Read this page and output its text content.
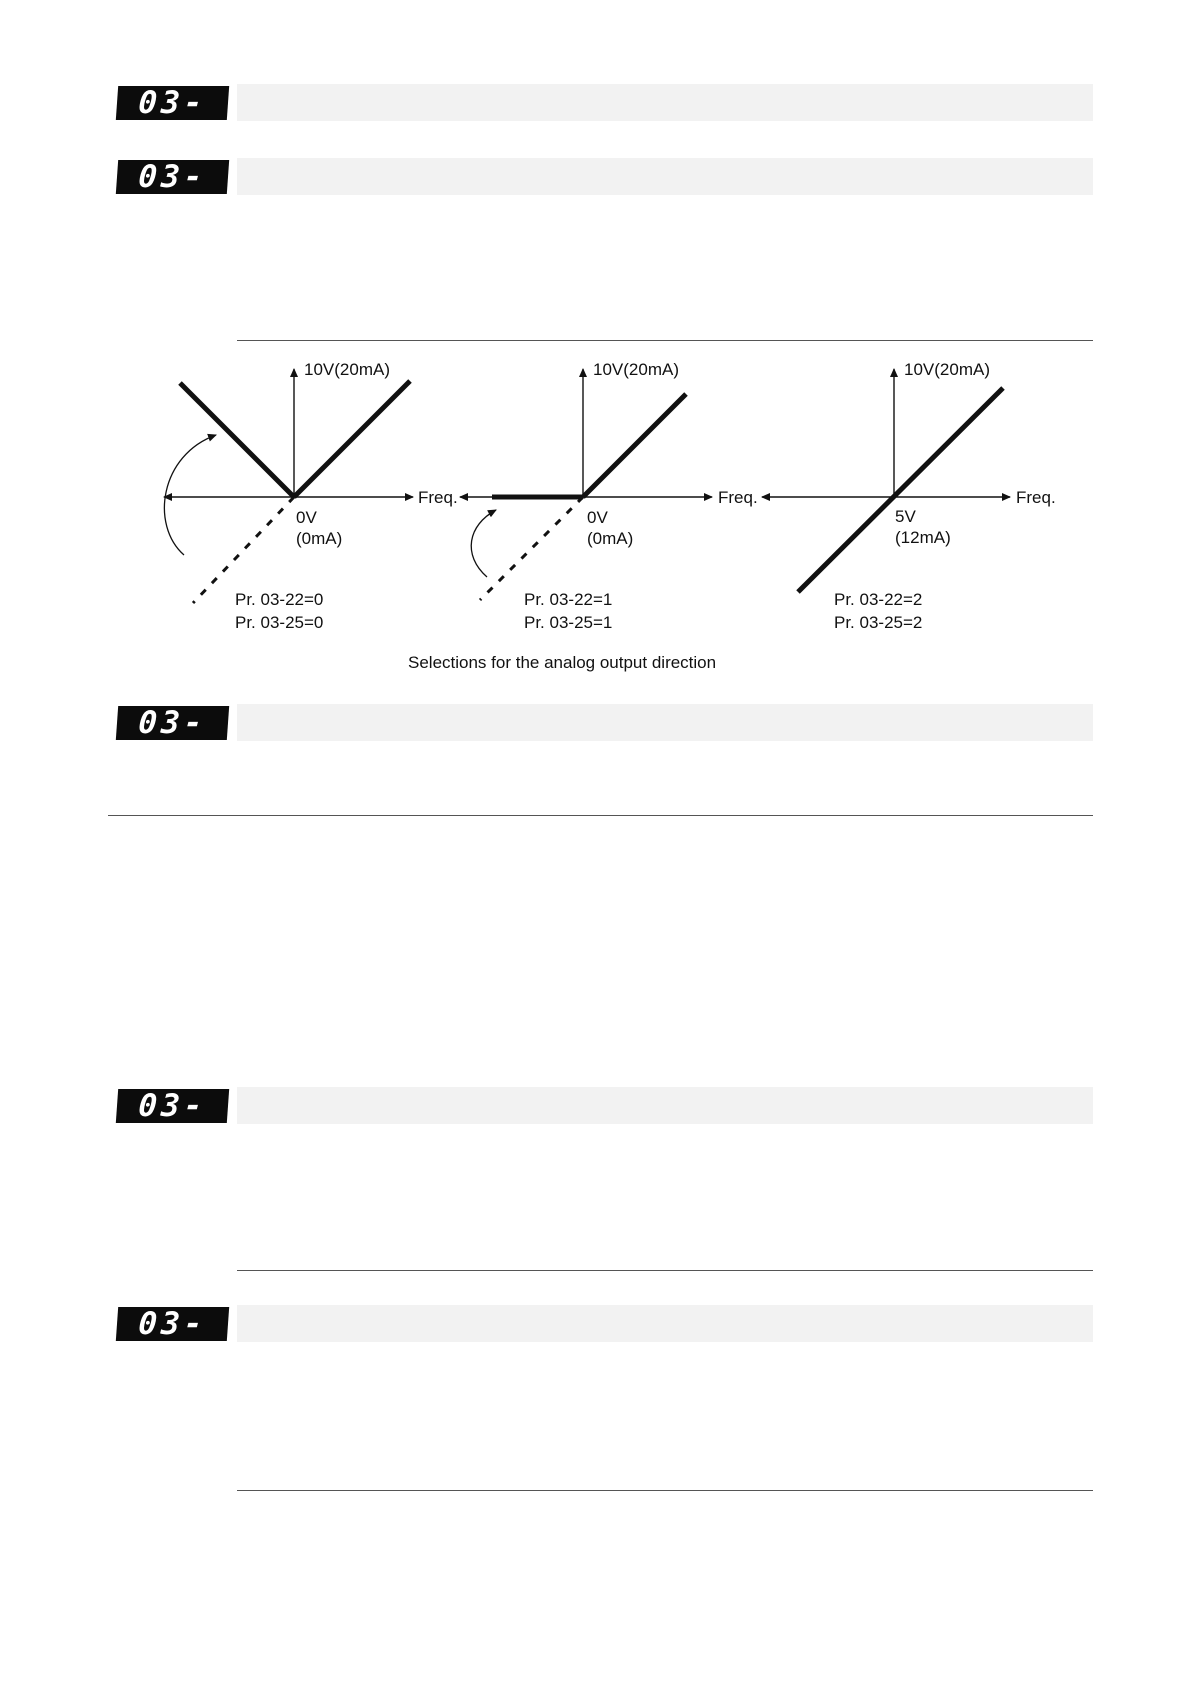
03-22
03-25
10V(20mA)
Freq.
0V
(0mA)
Pr. 03-22=0
Pr. 03-25=0
10V(20mA)
Freq.
0V
(0mA)
Pr. 03-22=1
Pr. 03-25=1
10V(20mA)
Freq.
5V
(12mA)
Pr. 03-22=2
Pr. 03-25=2
Selections for the analog output direction
03-27
03-28
03-29
